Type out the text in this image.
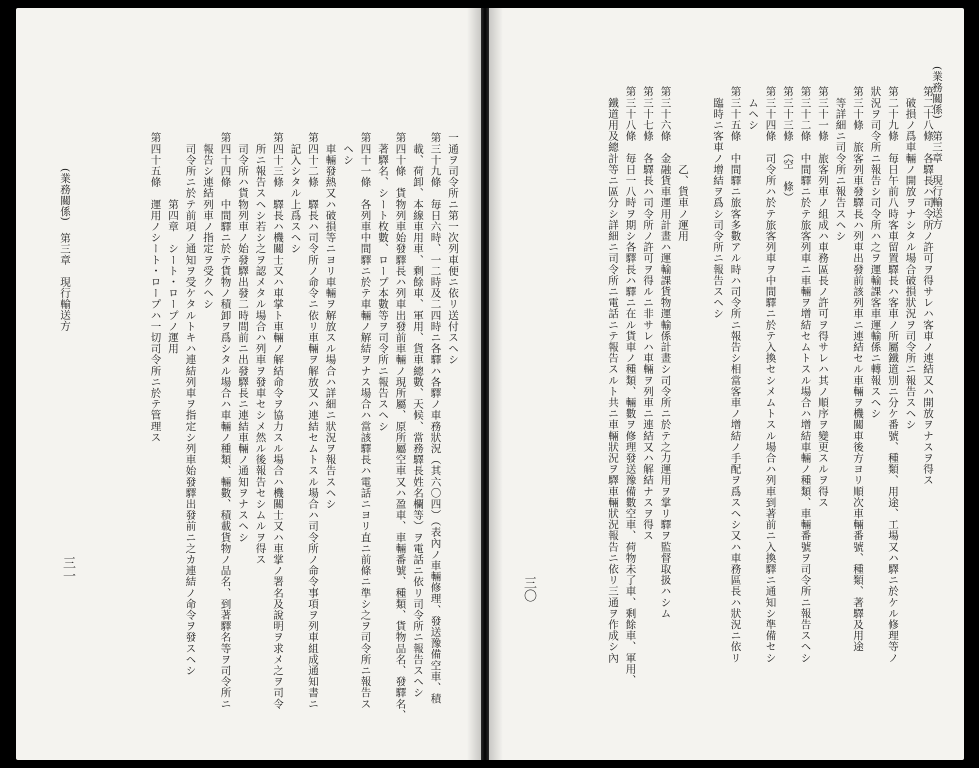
(業務關係)　第三章　現行輸送方
三一
一通ヲ司令所ニ第一次列車便ニ依リ送付スヘシ
第三十九條　毎日六時、一二時及二四時ニ各驛ハ各驛ノ車務狀況（其六〇四）（表內ノ車輛修理、發送豫備空車、積
　載、荷卸、本線車用車、剩餘車、軍用、貨車總數、天候、當務驛長姓名欄等）ヲ電話ニ依リ司令所ニ報告スヘシ
第四十條　貨物列車始發驛長ハ列車出發前車輛ノ現所屬、原所屬空車又ハ盈車、車輛番號、種類、貨物品名、發驛名、
　著驛名、シート枚數、ロープ本數等ヲ司令所ニ報告スヘシ
第四十一條　各列車中間驛ニ於テ車輛ノ解結ヲナス場合ハ當該驛長ハ電話ニヨリ直ニ前條ニ準シ之ヲ司令所ニ報告ス
　ヘシ
　車輛發熱又ハ破損等ニヨリ車輛ヲ解放スル場合ハ詳細ニ狀況ヲ報告スヘシ
第四十二條　驛長ハ司令所ノ命令ニ依リ車輛ヲ解放又ハ連結セムトスル場合ハ司令所ノ命令事項ヲ列車組成通知書ニ
　記入シタル上爲スヘシ
第四十三條　驛長ハ機關士又ハ車掌ト車輛ノ解結命令ヲ協力スル場合ハ機關士又ハ車掌ノ署名及說明ヲ求メ之ヲ司令
　所ニ報告スヘシ若シ之ヲ認メタル場合ハ列車ヲ發車セシメ然ル後報告セシムルヲ得ス
　司令所ハ貨物列車ノ始發驛出發二時間前ニ出發驛長ニ連結車輛ノ通知ヲナスヘシ
第四十四條　中間驛ニ於テ貨物ノ積卸ヲ爲シタル場合ハ車輛ノ種類、輛數、積載貨物ノ品名、到著驛名等ヲ司令所ニ
　報告シ連結列車ノ指定ヲ受クヘシ
　司令所ニ於テ前項ノ通知ヲ受ケタルトキハ連結列車ヲ指定シ列車始發驛出發前ニ之カ連結ノ命令ヲ發スヘシ
　　　　　　第四章　シート・ロープノ運用
第四十五條　運用ノシート・ロープハ一切司令所ニ於テ管理ス	(業務關係)　第三章　現行輸送方
三〇
第二十八條　各驛長ハ司令所ノ許可ヲ得サレハ客車ノ連結又ハ開放ヲナスヲ得ス
　破損ノ爲車輛ノ開放ヲナシタル場合破損狀況ヲ司令所ニ報告スヘシ
第二十九條　毎日午前八時客車留置驛長ハ客車ノ所屬鐵道別ニ分ケ番號、種類、用途、工場又ハ驛ニ於ケル修理等ノ
狀況ヲ司令所ニ報告シ司令所ハ之ヲ運輸課客車運輸係ニ轉報スヘシ
第三十條　旅客列車發驛長ハ列車出發前該列車ニ連結セル車輛ヲ機關車後方ヨリ順次車輛番號、種類、著驛及用途
　等詳細ニ司令所ニ報告スヘシ
第三十一條　旅客列車ノ組成ハ車務區長ノ許可ヲ得サレハ其ノ順序ヲ變更スルヲ得ス
第三十二條　中間驛ニ於テ旅客列車ニ車輛ヲ增結セムトスル場合ハ增結車輛ノ種類、車輛番號ヲ司令所ニ報告スヘシ
第三十三條　（空　條）
第三十四條　司令所ハ於テ旅客列車ヲ中間驛ニ於テ入換セシメムトスル場合ハ列車到著前ニ入換驛ニ通知シ準備セシ
　ムヘシ
第三十五條　中間驛ニ旅客多數アル時ハ司令所ニ報告シ相當客車ノ增結ノ手配ヲ爲スヘシ又ハ車務區長ハ狀況ニ依リ
　臨時ニ客車ノ增結ヲ爲シ司令所ニ報告スヘシ
　　　　　　　乙、貨車ノ運用
第三十六條　金融貨車運用計畫ハ運輸課貨物運輸係計畫シ司令所ニ於テ之力運用ヲ掌リ驛ヲ監督取扱ハシム
第三十七條　各驛長ハ司令所ノ許可ヲ得ルニ非サレハ車輛ヲ列車ニ連結又ハ解結ナスヲ得ス
第三十八條　毎日一八時ヲ期シ各驛長ハ驛ニ在ル貨車ノ種類、輛數ヲ修理發送豫備數空車、荷物未了車、剩餘車、軍用、
　鐵道用及總計等ニ區分シ詳細ニ司令所ニ電話ニテ報告スルト共ニ車輛狀況ヲ驛車輛狀況報告ニ依リ三通ヲ作成シ內
